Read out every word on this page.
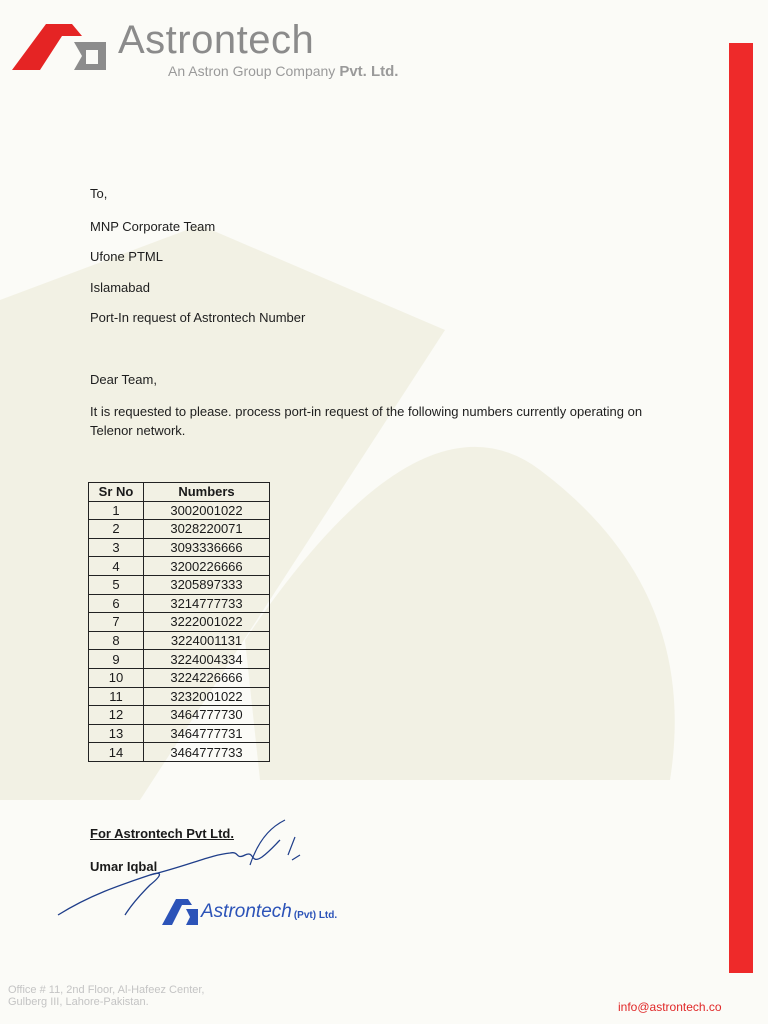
Astrontech
An Astron Group Company Pvt. Ltd.
To,
MNP Corporate Team
Ufone PTML
Islamabad
Port-In request of Astrontech Number
Dear Team,
It is requested to please. process port-in request of the following numbers currently operating on Telenor network.
Sr No	Numbers
1	3002001022
2	3028220071
3	3093336666
4	3200226666
5	3205897333
6	3214777733
7	3222001022
8	3224001131
9	3224004334
10	3224226666
11	3232001022
12	3464777730
13	3464777731
14	3464777733
For Astrontech Pvt Ltd.
Umar Iqbal
Astrontech (Pvt) Ltd.
Office # 11, 2nd Floor, Al-Hafeez Center,
Gulberg III, Lahore-Pakistan.	info@astrontech.co
